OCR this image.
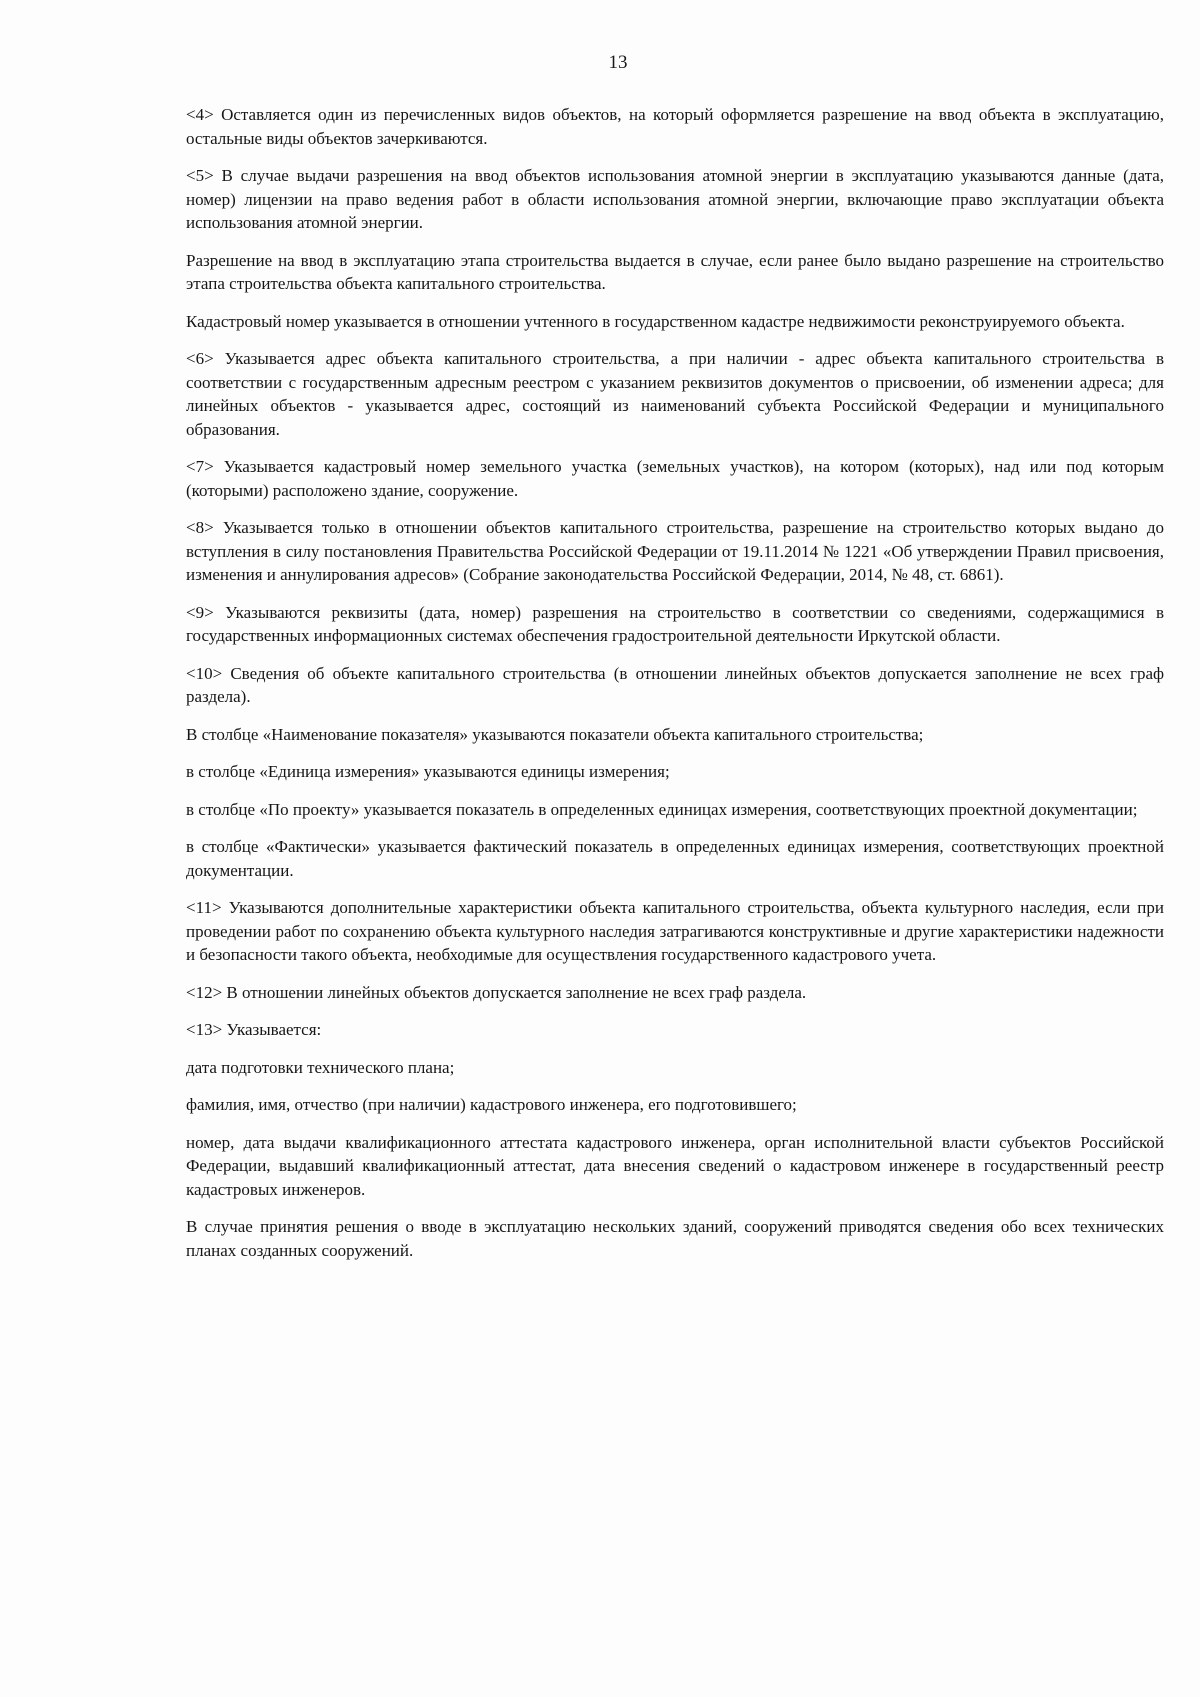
13

<4> Оставляется один из перечисленных видов объектов, на который оформляется разрешение на ввод объекта в эксплуатацию, остальные виды объектов зачеркиваются.

<5> В случае выдачи разрешения на ввод объектов использования атомной энергии в эксплуатацию указываются данные (дата, номер) лицензии на право ведения работ в области использования атомной энергии, включающие право эксплуатации объекта использования атомной энергии.

Разрешение на ввод в эксплуатацию этапа строительства выдается в случае, если ранее было выдано разрешение на строительство этапа строительства объекта капитального строительства.

Кадастровый номер указывается в отношении учтенного в государственном кадастре недвижимости реконструируемого объекта.

<6> Указывается адрес объекта капитального строительства, а при наличии - адрес объекта капитального строительства в соответствии с государственным адресным реестром с указанием реквизитов документов о присвоении, об изменении адреса; для линейных объектов - указывается адрес, состоящий из наименований субъекта Российской Федерации и муниципального образования.

<7> Указывается кадастровый номер земельного участка (земельных участков), на котором (которых), над или под которым (которыми) расположено здание, сооружение.

<8> Указывается только в отношении объектов капитального строительства, разрешение на строительство которых выдано до вступления в силу постановления Правительства Российской Федерации от 19.11.2014 № 1221 «Об утверждении Правил присвоения, изменения и аннулирования адресов» (Собрание законодательства Российской Федерации, 2014, № 48, ст. 6861).

<9> Указываются реквизиты (дата, номер) разрешения на строительство в соответствии со сведениями, содержащимися в государственных информационных системах обеспечения градостроительной деятельности Иркутской области.

<10> Сведения об объекте капитального строительства (в отношении линейных объектов допускается заполнение не всех граф раздела).

В столбце «Наименование показателя» указываются показатели объекта капитального строительства;

в столбце «Единица измерения» указываются единицы измерения;

в столбце «По проекту» указывается показатель в определенных единицах измерения, соответствующих проектной документации;

в столбце «Фактически» указывается фактический показатель в определенных единицах измерения, соответствующих проектной документации.

<11> Указываются дополнительные характеристики объекта капитального строительства, объекта культурного наследия, если при проведении работ по сохранению объекта культурного наследия затрагиваются конструктивные и другие характеристики надежности и безопасности такого объекта, необходимые для осуществления государственного кадастрового учета.

<12> В отношении линейных объектов допускается заполнение не всех граф раздела.

<13> Указывается:

дата подготовки технического плана;

фамилия, имя, отчество (при наличии) кадастрового инженера, его подготовившего;

номер, дата выдачи квалификационного аттестата кадастрового инженера, орган исполнительной власти субъектов Российской Федерации, выдавший квалификационный аттестат, дата внесения сведений о кадастровом инженере в государственный реестр кадастровых инженеров.

В случае принятия решения о вводе в эксплуатацию нескольких зданий, сооружений приводятся сведения обо всех технических планах созданных сооружений.
